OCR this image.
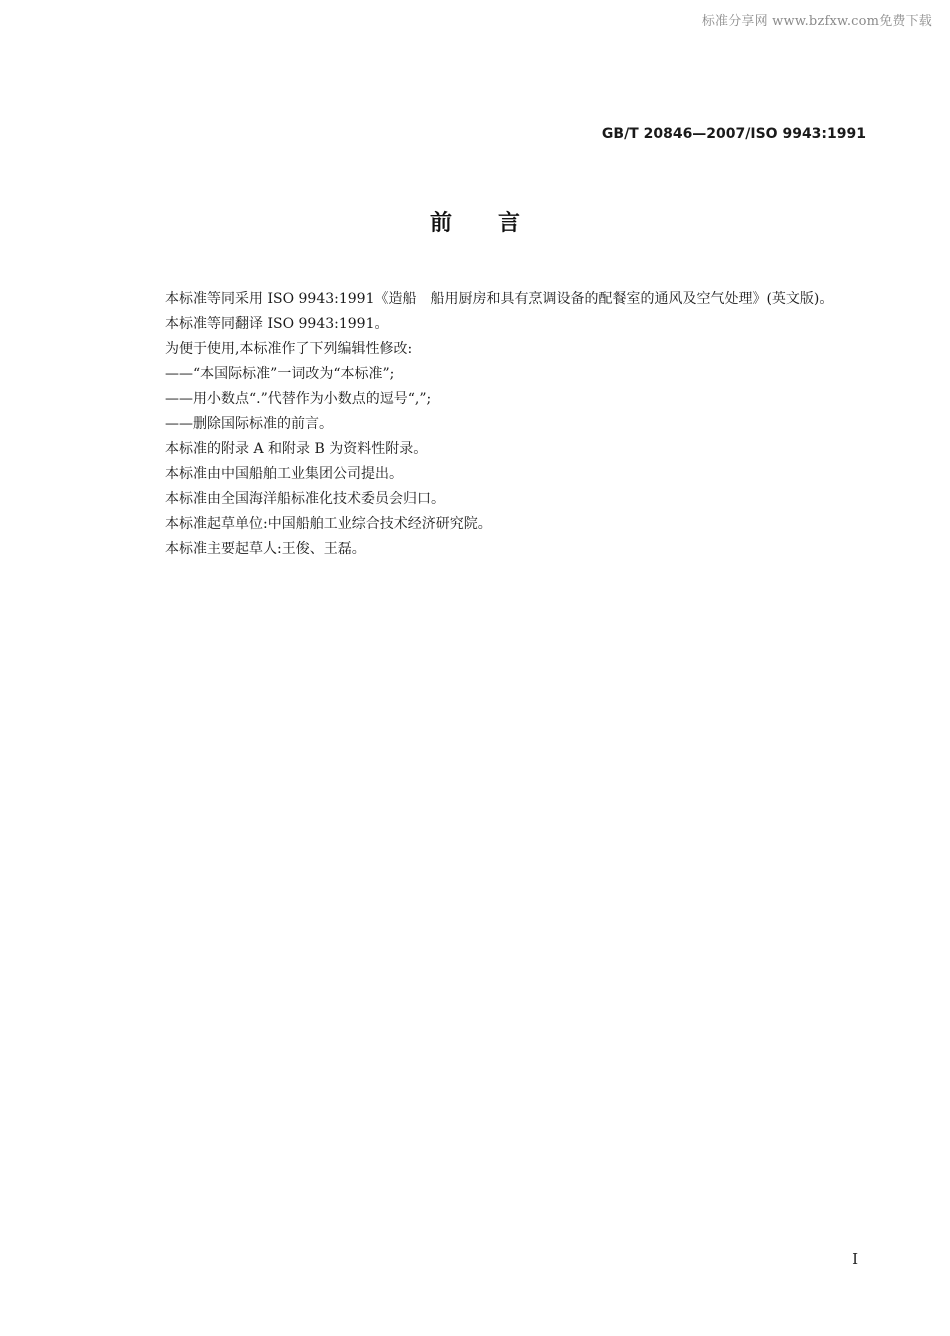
标准分享网 www.bzfxw.com免费下载
GB/T 20846—2007/ISO 9943:1991
前言

本标准等同采用 ISO 9943:1991《造船　船用厨房和具有烹调设备的配餐室的通风及空气处理》(英文版)。

本标准等同翻译 ISO 9943:1991。

为便于使用,本标准作了下列编辑性修改:

——“本国际标准”一词改为“本标准”;

——用小数点“.”代替作为小数点的逗号“,”;

——删除国际标准的前言。

本标准的附录 A 和附录 B 为资料性附录。

本标准由中国船舶工业集团公司提出。

本标准由全国海洋船标准化技术委员会归口。

本标准起草单位:中国船舶工业综合技术经济研究院。

本标准主要起草人:王俊、王磊。

I
